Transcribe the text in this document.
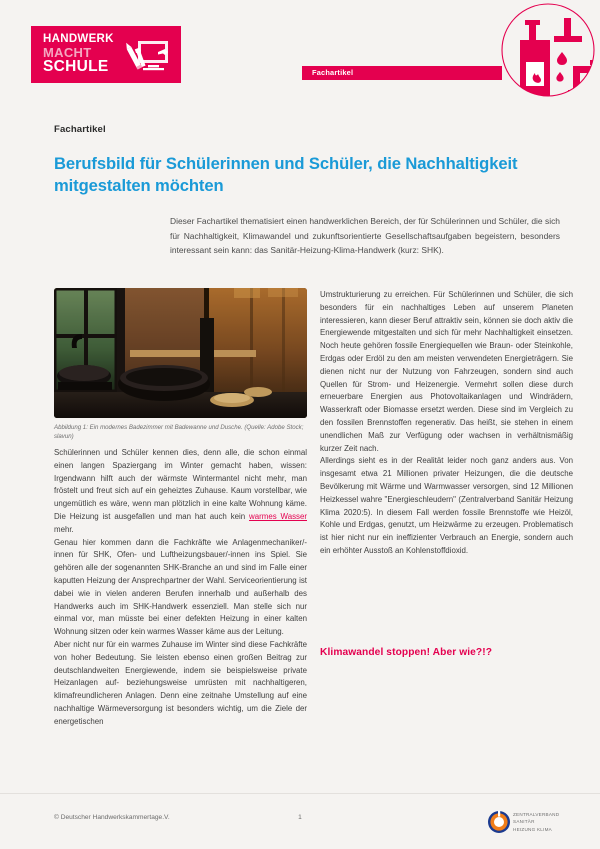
HANDWERK
MACHT
SCHULE	Fachartikel
Fachartikel
Berufsbild für Schülerinnen und Schüler, die Nachhaltigkeit mitgestalten möchten
Dieser Fachartikel thematisiert einen handwerklichen Bereich, der für Schülerinnen und Schüler, die sich für Nachhaltigkeit, Klimawandel und zukunftsorientierte Gesellschaftsaufgaben begeistern, besonders interessant sein kann: das Sanitär-Heizung-Klima-Handwerk (kurz: SHK).
Abbildung 1: Ein modernes Badezimmer mit Badewanne und Dusche. (Quelle: Adobe Stock; slavun)

Schülerinnen und Schüler kennen dies, denn alle, die schon einmal einen langen Spaziergang im Winter gemacht haben, wissen: Irgendwann hilft auch der wärmste Wintermantel nicht mehr, man fröstelt und freut sich auf ein geheiztes Zuhause. Kaum vorstellbar, wie ungemütlich es wäre, wenn man plötzlich in eine kalte Wohnung käme. Die Heizung ist ausgefallen und man hat auch kein warmes Wasser mehr.

Genau hier kommen dann die Fachkräfte wie Anlagenmechaniker/-innen für SHK, Ofen- und Luftheizungsbauer/-innen ins Spiel. Sie gehören alle der sogenannten SHK-Branche an und sind im Falle einer kaputten Heizung der Ansprechpartner der Wahl. Serviceorientierung ist dabei wie in vielen anderen Berufen innerhalb und außerhalb des Handwerks auch im SHK-Handwerk essenziell. Man stelle sich nur einmal vor, man müsste bei einer defekten Heizung in einer kalten Wohnung sitzen oder kein warmes Wasser käme aus der Leitung.

Aber nicht nur für ein warmes Zuhause im Winter sind diese Fachkräfte von hoher Bedeutung. Sie leisten ebenso einen großen Beitrag zur deutschlandweiten Energiewende, indem sie beispielsweise private Heizanlagen auf- beziehungsweise umrüsten mit nachhaltigeren, klimafreundlicheren Anlagen. Denn eine zeitnahe Umstellung auf eine nachhaltige Wärmeversorgung ist besonders wichtig, um die Ziele der energetischen

Umstrukturierung zu erreichen. Für Schülerinnen und Schüler, die sich besonders für ein nachhaltiges Leben auf unserem Planeten interessieren, kann dieser Beruf attraktiv sein, können sie doch aktiv die Energiewende mitgestalten und sich für mehr Nachhaltigkeit einsetzen. Noch heute gehören fossile Energiequellen wie Braun- oder Steinkohle, Erdgas oder Erdöl zu den am meisten verwendeten Energieträgern. Sie dienen nicht nur der Nutzung von Fahrzeugen, sondern sind auch Quellen für Strom- und Heizenergie. Vermehrt sollen diese durch erneuerbare Energien aus Photovoltaikanlagen und Windrädern, Wasserkraft oder Biomasse ersetzt werden. Diese sind im Vergleich zu den fossilen Brennstoffen regenerativ. Das heißt, sie stehen in einem unendlichen Maß zur Verfügung oder wachsen in verhältnismäßig kurzer Zeit nach.

Allerdings sieht es in der Realität leider noch ganz anders aus. Von insgesamt etwa 21 Millionen privater Heizungen, die die deutsche Bevölkerung mit Wärme und Warmwasser versorgen, sind 12 Millionen Heizkessel wahre "Energieschleudern" (Zentralverband Sanitär Heizung Klima 2020:5). In diesem Fall werden fossile Brennstoffe wie Heizöl, Kohle und Erdgas, genutzt, um Heizwärme zu erzeugen. Problematisch ist hier nicht nur ein ineffizienter Verbrauch an Energie, sondern auch ein erhöhter Ausstoß an Kohlenstoffdioxid.

Klimawandel stoppen! Aber wie?!?
© Deutscher Handwerkskammertage.V.	1	ZENTRALVERBAND
SANITÄR
HEIZUNG KLIMA
